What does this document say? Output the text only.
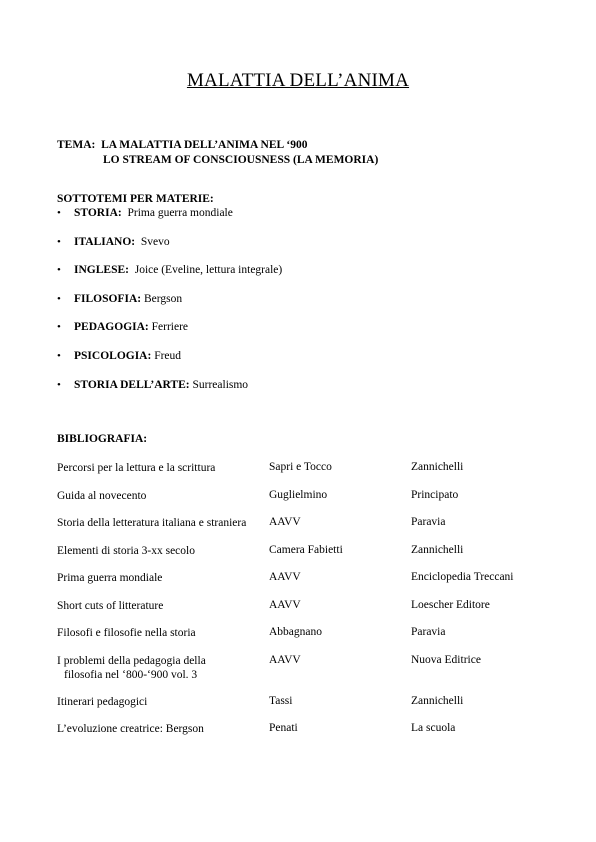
MALATTIA DELL’ANIMA
TEMA: LA MALATTIA DELL’ANIMA NEL ‘900
LO STREAM OF CONSCIOUSNESS (LA MEMORIA)
SOTTOTEMI PER MATERIE:
•	STORIA: Prima guerra mondiale
•	ITALIANO: Svevo
•	INGLESE: Joice (Eveline, lettura integrale)
•	FILOSOFIA: Bergson
•	PEDAGOGIA: Ferriere
•	PSICOLOGIA: Freud
•	STORIA DELL’ARTE: Surrealismo
BIBLIOGRAFIA:
Percorsi per la lettura e la scrittura	Sapri e Tocco	Zannichelli
Guida al novecento	Guglielmino	Principato
Storia della letteratura italiana e straniera	AAVV	Paravia
Elementi di storia 3-xx secolo	Camera Fabietti	Zannichelli
Prima guerra mondiale	AAVV	Enciclopedia Treccani
Short cuts of litterature	AAVV	Loescher Editore
Filosofi e filosofie nella storia	Abbagnano	Paravia
I problemi della pedagogia della
filosofia nel ‘800-‘900 vol. 3
AAVV	Nuova Editrice
Itinerari pedagogici	Tassi	Zannichelli
L’evoluzione creatrice: Bergson	Penati	La scuola
